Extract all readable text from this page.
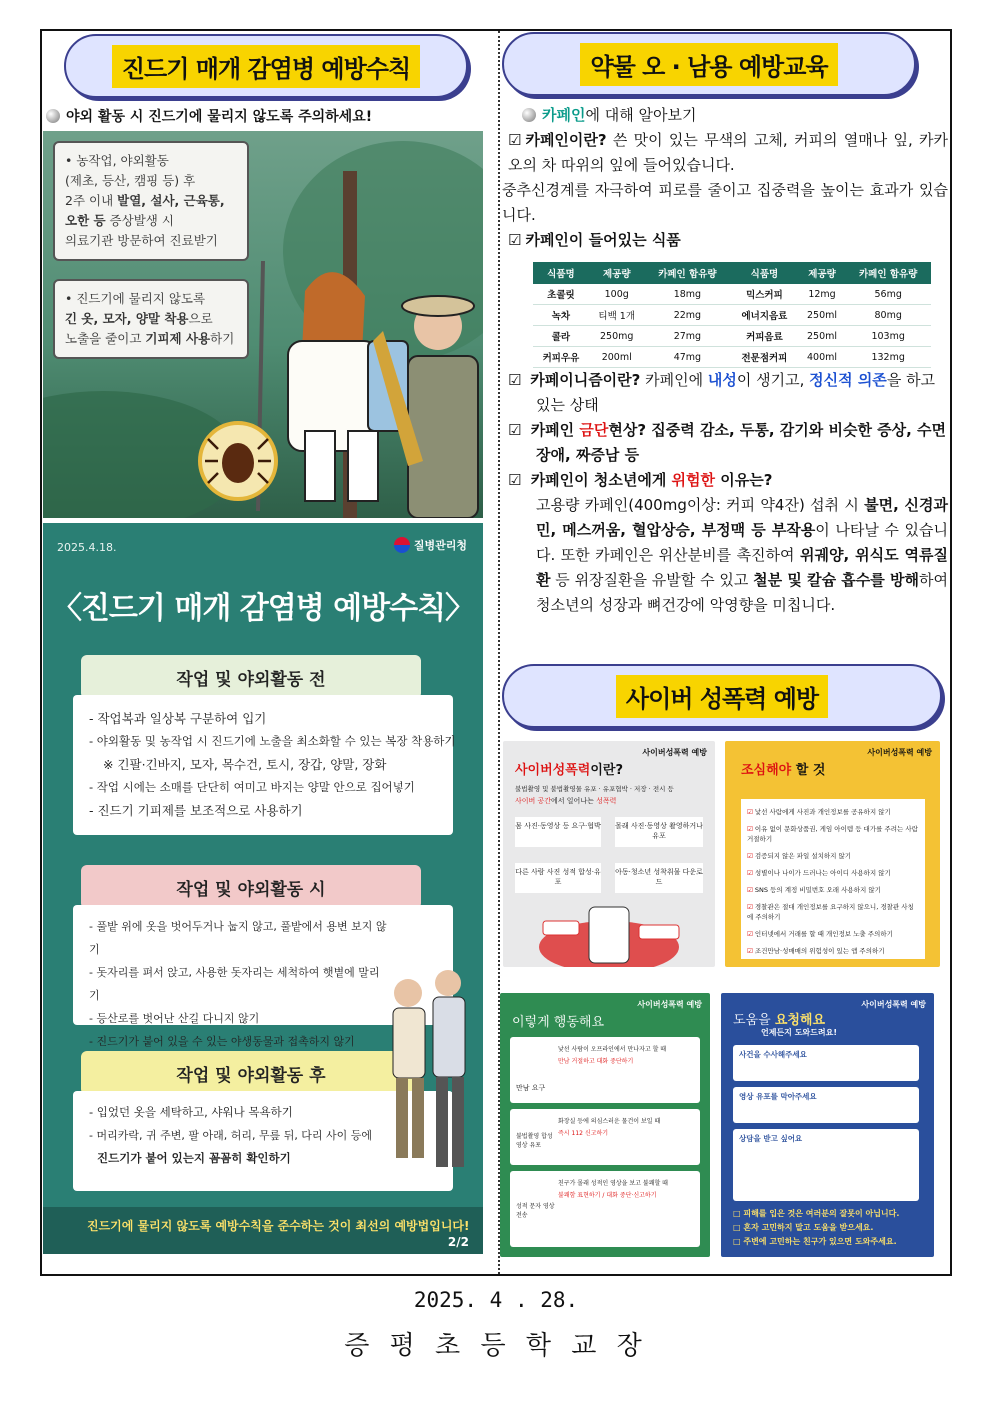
진드기 매개 감염병 예방수칙
야외 활동 시 진드기에 물리지 않도록 주의하세요!
• 농작업, 야외활동
(제초, 등산, 캠핑 등) 후
2주 이내 발열, 설사, 근육통,
오한 등 증상발생 시
의료기관 방문하여 진료받기
• 진드기에 물리지 않도록
긴 옷, 모자, 양말 착용으로
노출을 줄이고 기피제 사용하기
2025.4.18.	질병관리청
〈진드기 매개 감염병 예방수칙〉
작업 및 야외활동 전
- 작업복과 일상복 구분하여 입기
- 야외활동 및 농작업 시 진드기에 노출을 최소화할 수 있는 복장 착용하기
※ 긴팔·긴바지, 모자, 목수건, 토시, 장갑, 양말, 장화
- 작업 시에는 소매를 단단히 여미고 바지는 양말 안으로 집어넣기
- 진드기 기피제를 보조적으로 사용하기
작업 및 야외활동 시
- 풀밭 위에 옷을 벗어두거나 눕지 않고, 풀밭에서 용변 보지 않기
- 돗자리를 펴서 앉고, 사용한 돗자리는 세척하여 햇볕에 말리기
- 등산로를 벗어난 산길 다니지 않기
- 진드기가 붙어 있을 수 있는 야생동물과 접촉하지 않기
작업 및 야외활동 후
- 입었던 옷을 세탁하고, 샤워나 목욕하기
- 머리카락, 귀 주변, 팔 아래, 허리, 무릎 뒤, 다리 사이 등에
진드기가 붙어 있는지 꼼꼼히 확인하기
진드기에 물리지 않도록 예방수칙을 준수하는 것이 최선의 예방법입니다!
2/2
약물 오 · 남용 예방교육
카페인에 대해 알아보기
☑ 카페인이란? 쓴 맛이 있는 무색의 고체, 커피의 열매나 잎, 카카오의 차 따위의 잎에 들어있습니다.
중추신경계를 자극하여 피로를 줄이고 집중력을 높이는 효과가 있습니다.
☑ 카페인이 들어있는 식품
식품명	제공량	카페인 함유량	식품명	제공량	카페인 함유량
초콜릿	100g	18mg	믹스커피	12mg	56mg
녹차	티백 1개	22mg	에너지음료	250ml	80mg
콜라	250mg	27mg	커피음료	250ml	103mg
커피우유	200ml	47mg	전문점커피	400ml	132mg
☑ 카페이니즘이란? 카페인에 내성이 생기고, 정신적 의존을 하고 있는 상태
☑ 카페인 금단현상? 집중력 감소, 두통, 감기와 비슷한 증상, 수면장애, 짜증남 등
☑ 카페인이 청소년에게 위험한 이유는?
고용량 카페인(400mg이상: 커피 약4잔) 섭취 시 불면, 신경과민, 메스꺼움, 혈압상승, 부정맥 등 부작용이 나타날 수 있습니다. 또한 카페인은 위산분비를 촉진하여 위궤양, 위식도 역류질환 등 위장질환을 유발할 수 있고 철분 및 칼슘 흡수를 방해하여 청소년의 성장과 뼈건강에 악영향을 미칩니다.
사이버 성폭력 예방
사이버성폭력 예방
사이버성폭력이란?
불법촬영 및 불법촬영물 유포 · 유포협박 · 저장 · 전시 등
사이버 공간에서 일어나는 성폭력
몸 사진·동영상 등 요구·협박 몰래 사진·동영상 촬영하거나 유포
다른 사람 사진 성적 합성·유포
아동·청소년 성착취물 다운로드
사이버성폭력 예방
조심해야 할 것
☑ 낯선 사람에게 사진과 개인정보를 공유하지 않기
☑ 이유 없이 문화상품권, 게임 아이템 등 대가를 주려는 사람 거절하기
☑ 검증되지 않은 파일 설치하지 않기
☑ 성별이나 나이가 드러나는 아이디 사용하지 않기
☑ SNS 등의 계정 비밀번호 오래 사용하지 않기
☑ 경찰관은 절대 개인정보를 요구하지 않으니, 경찰관 사칭에 주의하기
☑ 인터넷에서 거래를 할 때 개인정보 노출 주의하기
☑ 조건만남·성매매의 위험성이 있는 앱 주의하기
사이버성폭력 예방
이렇게 행동해요
만남 요구
낯선 사람이 오프라인에서 만나자고 할 때
만남 거절하고 대화 중단하기
불법촬영 합성영상 유포
화장실 등에 의심스러운 물건이 보일 때
즉시 112 신고하기
성적 문자 영상 전송
친구가 몰래 성적인 영상을 보고 불쾌할 때
불쾌함 표현하기 / 대화 중단·신고하기
사이버성폭력 예방
도움을 요청해요
언제든지 도와드려요!
사건을 수사해주세요
영상 유포를 막아주세요
상담을 받고 싶어요
□ 피해를 입은 것은 여러분의 잘못이 아닙니다.
□ 혼자 고민하지 말고 도움을 받으세요.
□ 주변에 고민하는 친구가 있으면 도와주세요.
2025. 4 . 28.
증 평 초 등 학 교 장
